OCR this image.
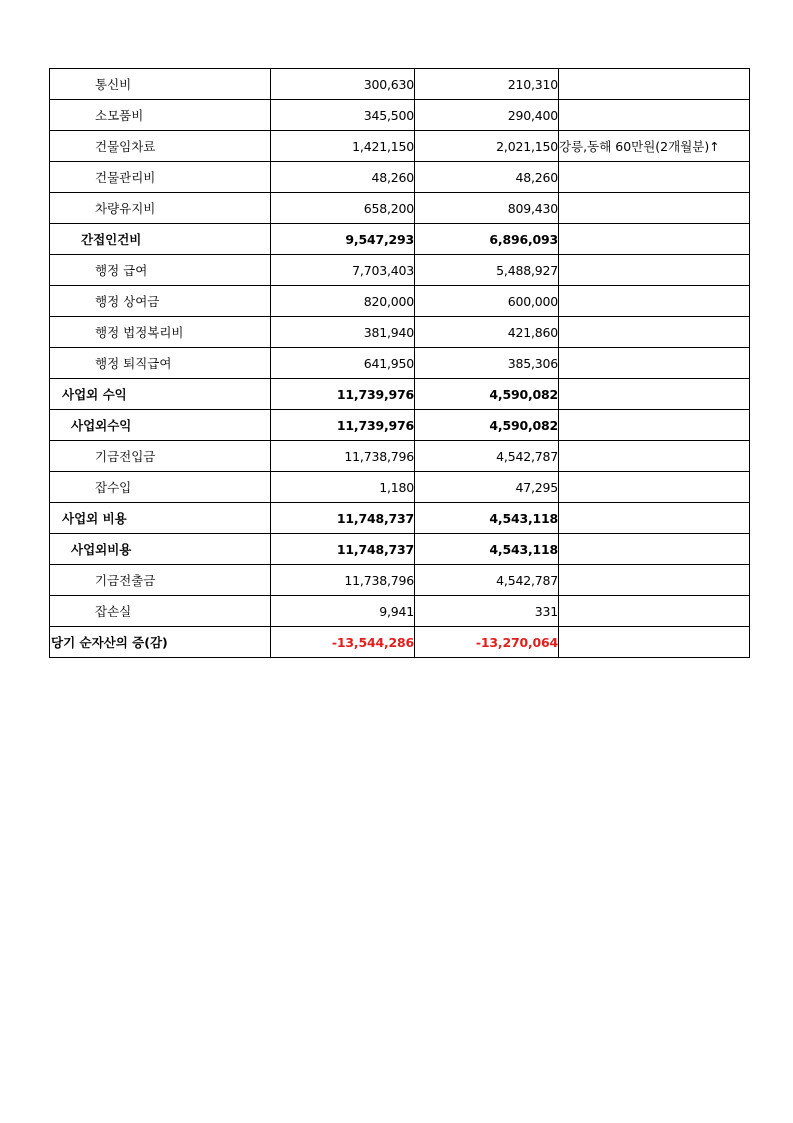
통신비	300,630	210,310	
소모품비	345,500	290,400	
건물임차료	1,421,150	2,021,150	강릉,동해 60만원(2개월분)↑
건물관리비	48,260	48,260	
차량유지비	658,200	809,430	
간접인건비	9,547,293	6,896,093	
행정 급여	7,703,403	5,488,927	
행정 상여금	820,000	600,000	
행정 법정복리비	381,940	421,860	
행정 퇴직급여	641,950	385,306	
사업외 수익	11,739,976	4,590,082	
사업외수익	11,739,976	4,590,082	
기금전입금	11,738,796	4,542,787	
잡수입	1,180	47,295	
사업외 비용	11,748,737	4,543,118	
사업외비용	11,748,737	4,543,118	
기금전출금	11,738,796	4,542,787	
잡손실	9,941	331	
당기 순자산의 증(감)	-13,544,286	-13,270,064	
